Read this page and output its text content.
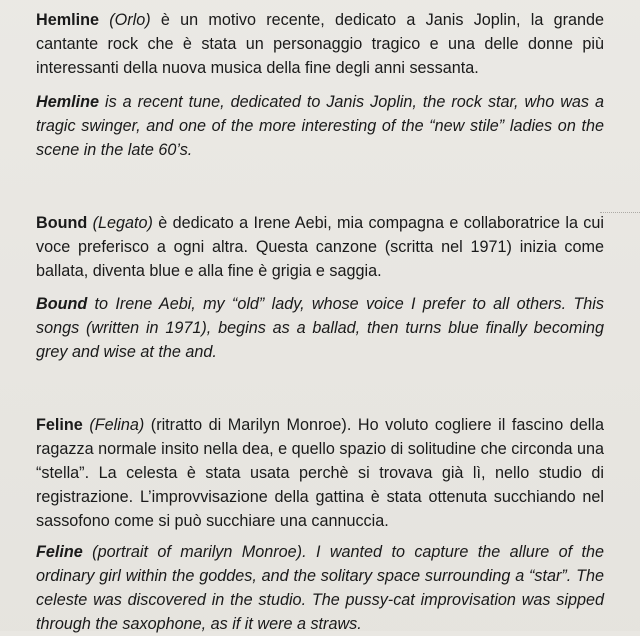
Hemline (Orlo) è un motivo recente, dedicato a Janis Joplin, la grande cantante rock che è stata un personaggio tragico e una delle donne più interessanti della nuova musica della fine degli anni sessanta.

Hemline is a recent tune, dedicated to Janis Joplin, the rock star, who was a tragic swinger, and one of the more interesting of the “new stile” ladies on the scene in the late 60’s.

Bound (Legato) è dedicato a Irene Aebi, mia compagna e collaboratrice la cui voce preferisco a ogni altra. Questa canzone (scritta nel 1971) inizia come ballata, diventa blue e alla fine è grigia e saggia.

Bound to Irene Aebi, my “old” lady, whose voice I prefer to all others. This songs (written in 1971), begins as a ballad, then turns blue finally becoming grey and wise at the and.

Feline (Felina) (ritratto di Marilyn Monroe). Ho voluto cogliere il fascino della ragazza normale insito nella dea, e quello spazio di solitudine che circonda una “stella”. La celesta è stata usata perchè si trovava già lì, nello studio di registrazione. L’improvvisazione della gattina è stata ottenuta succhiando nel sassofono come si può succhiare una cannuccia.

Feline (portrait of marilyn Monroe). I wanted to capture the allure of the ordinary girl within the goddes, and the solitary space surrounding a “star”. The celeste was discovered in the studio. The pussy-cat improvisation was sipped through the saxophone, as if it were a straws.
